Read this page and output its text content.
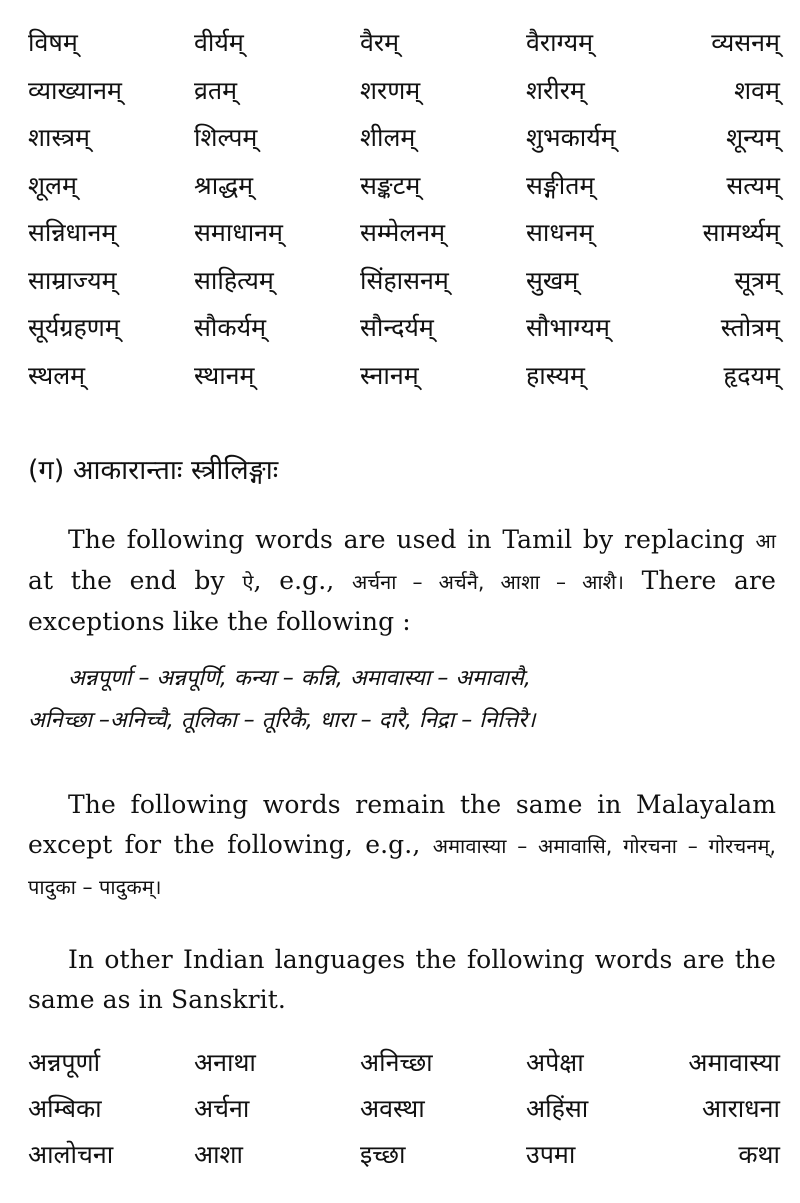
विषम्	वीर्यम्	वैरम्	वैराग्यम्	व्यसनम्
व्याख्यानम्	व्रतम्	शरणम्	शरीरम्	शवम्
शास्त्रम्	शिल्पम्	शीलम्	शुभकार्यम्	शून्यम्
शूलम्	श्राद्धम्	सङ्कटम्	सङ्गीतम्	सत्यम्
सन्निधानम्	समाधानम्	सम्मेलनम्	साधनम्	सामर्थ्यम्
साम्राज्यम्	साहित्यम्	सिंहासनम्	सुखम्	सूत्रम्
सूर्यग्रहणम्	सौकर्यम्	सौन्दर्यम्	सौभाग्यम्	स्तोत्रम्
स्थलम्	स्थानम्	स्नानम्	हास्यम्	हृदयम्
(ग) आकारान्ताः स्त्रीलिङ्गाः

The following words are used in Tamil by replacing आ at the end by ऐ, e.g., अर्चना – अर्चनै, आशा – आशै। There are exceptions like the following :

अन्नपूर्णा – अन्नपूर्णि, कन्या – कन्नि, अमावास्या – अमावासै,
अनिच्छा –अनिच्चै, तूलिका – तूरिकै, धारा – दारै, निद्रा – नित्तिरै।

The following words remain the same in Malayalam except for the following, e.g., अमावास्या – अमावासि, गोरचना – गोरचनम्, पादुका – पादुकम्।

In other Indian languages the following words are the same as in Sanskrit.

अन्नपूर्णा	अनाथा	अनिच्छा	अपेक्षा	अमावास्या
अम्बिका	अर्चना	अवस्था	अहिंसा	आराधना
आलोचना	आशा	इच्छा	उपमा	कथा
